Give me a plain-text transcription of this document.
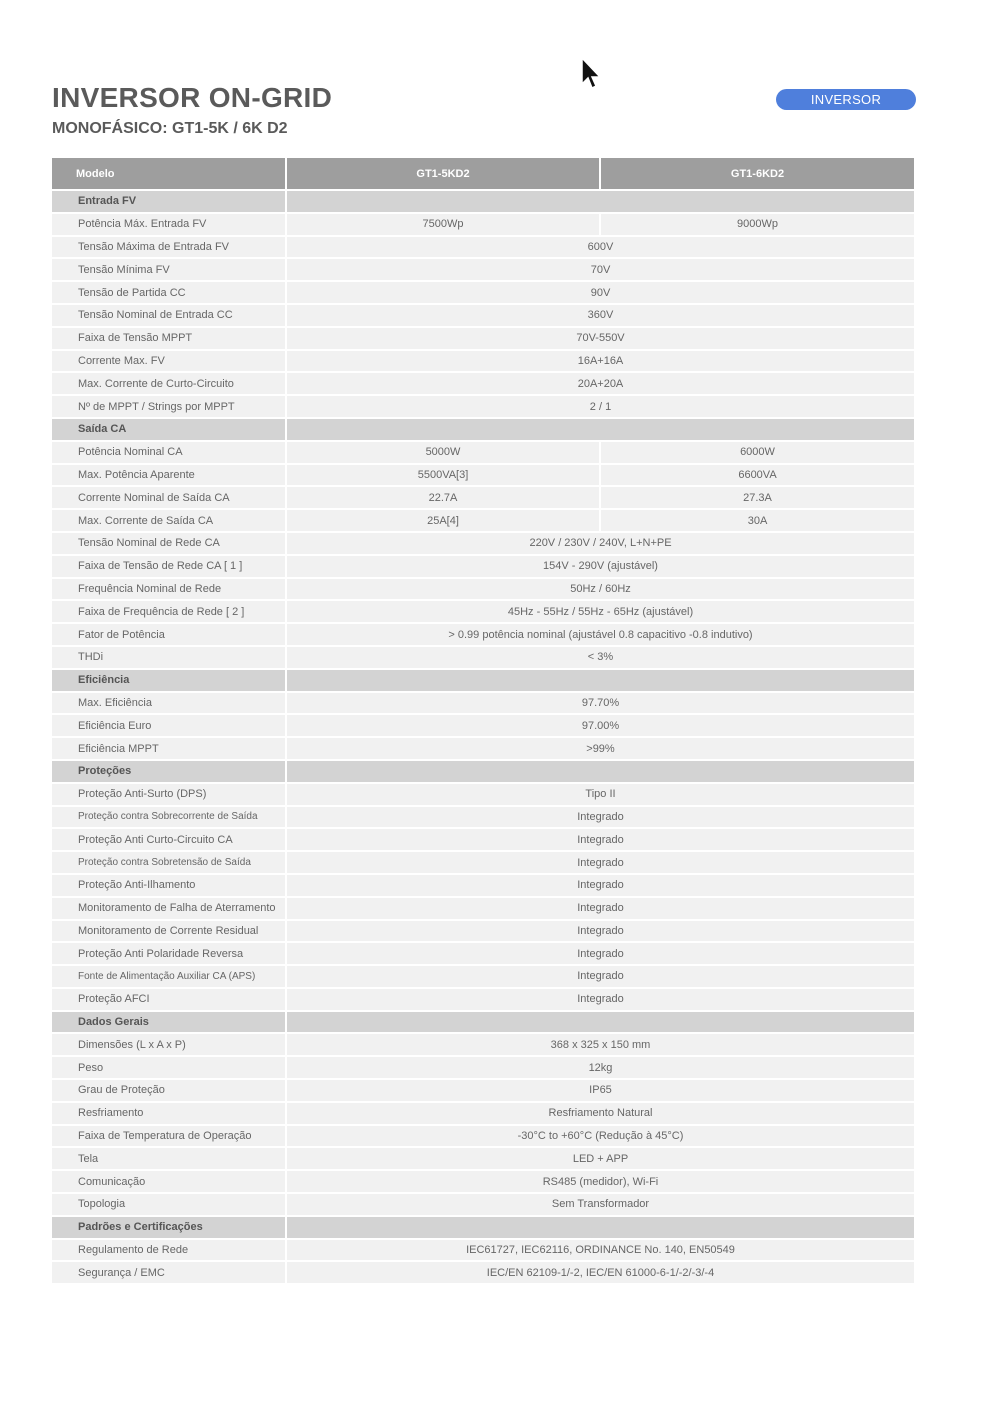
INVERSOR ON-GRID
MONOFÁSICO: GT1-5K / 6K D2
INVERSOR
Modelo	GT1-5KD2	GT1-6KD2
Entrada FV		
Potência Máx. Entrada FV	7500Wp	9000Wp
Tensão Máxima de Entrada FV	600V	
Tensão Mínima FV	70V	
Tensão de Partida CC	90V	
Tensão Nominal de Entrada CC	360V	
Faixa de Tensão MPPT	70V-550V	
Corrente Max. FV	16A+16A	
Max. Corrente de Curto-Circuito	20A+20A	
Nº de MPPT / Strings por MPPT	2 / 1	
Saída CA		
Potência Nominal CA	5000W	6000W
Max. Potência Aparente	5500VA[3]	6600VA
Corrente Nominal de Saída CA	22.7A	27.3A
Max. Corrente de Saída CA	25A[4]	30A
Tensão Nominal de Rede CA	220V / 230V / 240V, L+N+PE	
Faixa de Tensão de Rede CA [ 1 ]	154V - 290V (ajustável)	
Frequência Nominal de Rede	50Hz / 60Hz	
Faixa de Frequência de Rede [ 2 ]	45Hz - 55Hz / 55Hz - 65Hz (ajustável)	
Fator de Potência	> 0.99 potência nominal (ajustável 0.8 capacitivo -0.8 indutivo)	
THDi	< 3%	
Eficiência		
Max. Eficiência	97.70%	
Eficiência Euro	97.00%	
Eficiência MPPT	>99%	
Proteções		
Proteção Anti-Surto (DPS)	Tipo II	
Proteção contra Sobrecorrente de Saída	Integrado	
Proteção Anti Curto-Circuito CA	Integrado	
Proteção contra Sobretensão de Saída	Integrado	
Proteção Anti-Ilhamento	Integrado	
Monitoramento de Falha de Aterramento	Integrado	
Monitoramento de Corrente Residual	Integrado	
Proteção Anti Polaridade Reversa	Integrado	
Fonte de Alimentação Auxiliar CA (APS)	Integrado	
Proteção AFCI	Integrado	
Dados Gerais		
Dimensões (L x A x P)	368 x 325 x 150 mm	
Peso	12kg	
Grau de Proteção	IP65	
Resfriamento	Resfriamento Natural	
Faixa de Temperatura de Operação	-30°C to +60°C (Redução à 45°C)	
Tela	LED + APP	
Comunicação	RS485 (medidor), Wi-Fi	
Topologia	Sem Transformador	
Padrões e Certificações		
Regulamento de Rede	IEC61727, IEC62116, ORDINANCE No. 140, EN50549	
Segurança / EMC	IEC/EN 62109-1/-2, IEC/EN 61000-6-1/-2/-3/-4	
